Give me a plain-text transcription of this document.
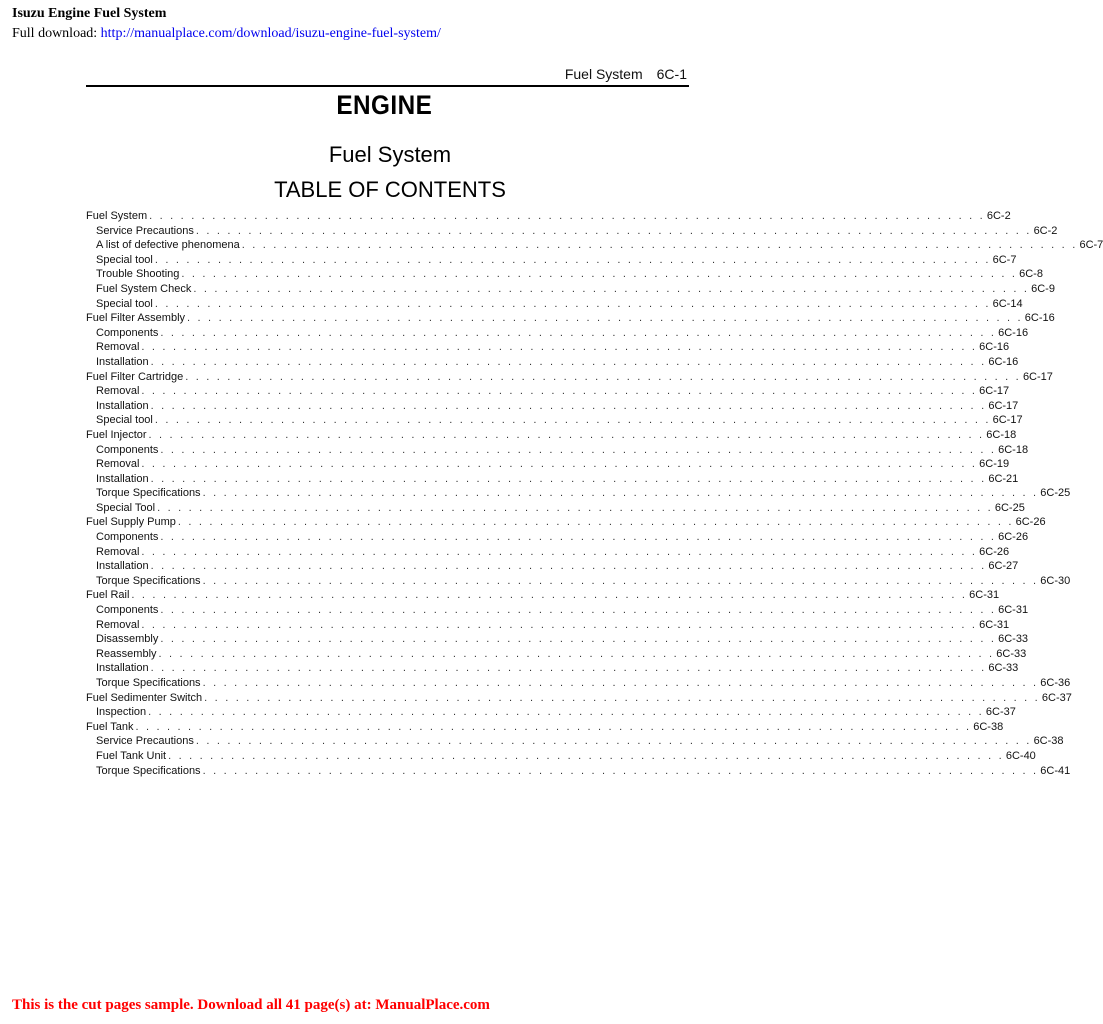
Isuzu Engine Fuel System
Full download: http://manualplace.com/download/isuzu-engine-fuel-system/
Fuel System 6C-1
ENGINE
Fuel System
TABLE OF CONTENTS
Fuel System . . . . . . . . . . . . . . . . . . . . . . . . . . . . . . . . . . . . . . . . . . . . . . . . . . . . . . . . . . . . . . . . . . . . . . . . . . . . . . . . 6C-2
Service Precautions . . . . . . . . . . . . . . . . . . . . . . . . . . . . . . . . . . . . . . . . . . . . . . . . . . . . . . . . . . . . . . . . . . . . . . . . . . . . . . . . 6C-2
A list of defective phenomena . . . . . . . . . . . . . . . . . . . . . . . . . . . . . . . . . . . . . . . . . . . . . . . . . . . . . . . . . . . . . . . . . . . . . . . . . . . . . . . . 6C-7
Special tool . . . . . . . . . . . . . . . . . . . . . . . . . . . . . . . . . . . . . . . . . . . . . . . . . . . . . . . . . . . . . . . . . . . . . . . . . . . . . . . . 6C-7
Trouble Shooting . . . . . . . . . . . . . . . . . . . . . . . . . . . . . . . . . . . . . . . . . . . . . . . . . . . . . . . . . . . . . . . . . . . . . . . . . . . . . . . . 6C-8
Fuel System Check . . . . . . . . . . . . . . . . . . . . . . . . . . . . . . . . . . . . . . . . . . . . . . . . . . . . . . . . . . . . . . . . . . . . . . . . . . . . . . . . 6C-9
Special tool . . . . . . . . . . . . . . . . . . . . . . . . . . . . . . . . . . . . . . . . . . . . . . . . . . . . . . . . . . . . . . . . . . . . . . . . . . . . . . . . 6C-14
Fuel Filter Assembly . . . . . . . . . . . . . . . . . . . . . . . . . . . . . . . . . . . . . . . . . . . . . . . . . . . . . . . . . . . . . . . . . . . . . . . . . . . . . . . . 6C-16
Components . . . . . . . . . . . . . . . . . . . . . . . . . . . . . . . . . . . . . . . . . . . . . . . . . . . . . . . . . . . . . . . . . . . . . . . . . . . . . . . . 6C-16
Removal . . . . . . . . . . . . . . . . . . . . . . . . . . . . . . . . . . . . . . . . . . . . . . . . . . . . . . . . . . . . . . . . . . . . . . . . . . . . . . . . 6C-16
Installation . . . . . . . . . . . . . . . . . . . . . . . . . . . . . . . . . . . . . . . . . . . . . . . . . . . . . . . . . . . . . . . . . . . . . . . . . . . . . . . . 6C-16
Fuel Filter Cartridge . . . . . . . . . . . . . . . . . . . . . . . . . . . . . . . . . . . . . . . . . . . . . . . . . . . . . . . . . . . . . . . . . . . . . . . . . . . . . . . . 6C-17
Removal . . . . . . . . . . . . . . . . . . . . . . . . . . . . . . . . . . . . . . . . . . . . . . . . . . . . . . . . . . . . . . . . . . . . . . . . . . . . . . . . 6C-17
Installation . . . . . . . . . . . . . . . . . . . . . . . . . . . . . . . . . . . . . . . . . . . . . . . . . . . . . . . . . . . . . . . . . . . . . . . . . . . . . . . . 6C-17
Special tool . . . . . . . . . . . . . . . . . . . . . . . . . . . . . . . . . . . . . . . . . . . . . . . . . . . . . . . . . . . . . . . . . . . . . . . . . . . . . . . . 6C-17
Fuel Injector . . . . . . . . . . . . . . . . . . . . . . . . . . . . . . . . . . . . . . . . . . . . . . . . . . . . . . . . . . . . . . . . . . . . . . . . . . . . . . . . 6C-18
Components . . . . . . . . . . . . . . . . . . . . . . . . . . . . . . . . . . . . . . . . . . . . . . . . . . . . . . . . . . . . . . . . . . . . . . . . . . . . . . . . 6C-18
Removal . . . . . . . . . . . . . . . . . . . . . . . . . . . . . . . . . . . . . . . . . . . . . . . . . . . . . . . . . . . . . . . . . . . . . . . . . . . . . . . . 6C-19
Installation . . . . . . . . . . . . . . . . . . . . . . . . . . . . . . . . . . . . . . . . . . . . . . . . . . . . . . . . . . . . . . . . . . . . . . . . . . . . . . . . 6C-21
Torque Specifications . . . . . . . . . . . . . . . . . . . . . . . . . . . . . . . . . . . . . . . . . . . . . . . . . . . . . . . . . . . . . . . . . . . . . . . . . . . . . . . . 6C-25
Special Tool . . . . . . . . . . . . . . . . . . . . . . . . . . . . . . . . . . . . . . . . . . . . . . . . . . . . . . . . . . . . . . . . . . . . . . . . . . . . . . . . 6C-25
Fuel Supply Pump . . . . . . . . . . . . . . . . . . . . . . . . . . . . . . . . . . . . . . . . . . . . . . . . . . . . . . . . . . . . . . . . . . . . . . . . . . . . . . . . 6C-26
Components . . . . . . . . . . . . . . . . . . . . . . . . . . . . . . . . . . . . . . . . . . . . . . . . . . . . . . . . . . . . . . . . . . . . . . . . . . . . . . . . 6C-26
Removal . . . . . . . . . . . . . . . . . . . . . . . . . . . . . . . . . . . . . . . . . . . . . . . . . . . . . . . . . . . . . . . . . . . . . . . . . . . . . . . . 6C-26
Installation . . . . . . . . . . . . . . . . . . . . . . . . . . . . . . . . . . . . . . . . . . . . . . . . . . . . . . . . . . . . . . . . . . . . . . . . . . . . . . . . 6C-27
Torque Specifications . . . . . . . . . . . . . . . . . . . . . . . . . . . . . . . . . . . . . . . . . . . . . . . . . . . . . . . . . . . . . . . . . . . . . . . . . . . . . . . . 6C-30
Fuel Rail . . . . . . . . . . . . . . . . . . . . . . . . . . . . . . . . . . . . . . . . . . . . . . . . . . . . . . . . . . . . . . . . . . . . . . . . . . . . . . . . 6C-31
Components . . . . . . . . . . . . . . . . . . . . . . . . . . . . . . . . . . . . . . . . . . . . . . . . . . . . . . . . . . . . . . . . . . . . . . . . . . . . . . . . 6C-31
Removal . . . . . . . . . . . . . . . . . . . . . . . . . . . . . . . . . . . . . . . . . . . . . . . . . . . . . . . . . . . . . . . . . . . . . . . . . . . . . . . . 6C-31
Disassembly . . . . . . . . . . . . . . . . . . . . . . . . . . . . . . . . . . . . . . . . . . . . . . . . . . . . . . . . . . . . . . . . . . . . . . . . . . . . . . . . 6C-33
Reassembly . . . . . . . . . . . . . . . . . . . . . . . . . . . . . . . . . . . . . . . . . . . . . . . . . . . . . . . . . . . . . . . . . . . . . . . . . . . . . . . . 6C-33
Installation . . . . . . . . . . . . . . . . . . . . . . . . . . . . . . . . . . . . . . . . . . . . . . . . . . . . . . . . . . . . . . . . . . . . . . . . . . . . . . . . 6C-33
Torque Specifications . . . . . . . . . . . . . . . . . . . . . . . . . . . . . . . . . . . . . . . . . . . . . . . . . . . . . . . . . . . . . . . . . . . . . . . . . . . . . . . . 6C-36
Fuel Sedimenter Switch . . . . . . . . . . . . . . . . . . . . . . . . . . . . . . . . . . . . . . . . . . . . . . . . . . . . . . . . . . . . . . . . . . . . . . . . . . . . . . . . 6C-37
Inspection . . . . . . . . . . . . . . . . . . . . . . . . . . . . . . . . . . . . . . . . . . . . . . . . . . . . . . . . . . . . . . . . . . . . . . . . . . . . . . . . 6C-37
Fuel Tank . . . . . . . . . . . . . . . . . . . . . . . . . . . . . . . . . . . . . . . . . . . . . . . . . . . . . . . . . . . . . . . . . . . . . . . . . . . . . . . . 6C-38
Service Precautions . . . . . . . . . . . . . . . . . . . . . . . . . . . . . . . . . . . . . . . . . . . . . . . . . . . . . . . . . . . . . . . . . . . . . . . . . . . . . . . . 6C-38
Fuel Tank Unit . . . . . . . . . . . . . . . . . . . . . . . . . . . . . . . . . . . . . . . . . . . . . . . . . . . . . . . . . . . . . . . . . . . . . . . . . . . . . . . . 6C-40
Torque Specifications . . . . . . . . . . . . . . . . . . . . . . . . . . . . . . . . . . . . . . . . . . . . . . . . . . . . . . . . . . . . . . . . . . . . . . . . . . . . . . . . 6C-41
This is the cut pages sample. Download all 41 page(s) at: ManualPlace.com
